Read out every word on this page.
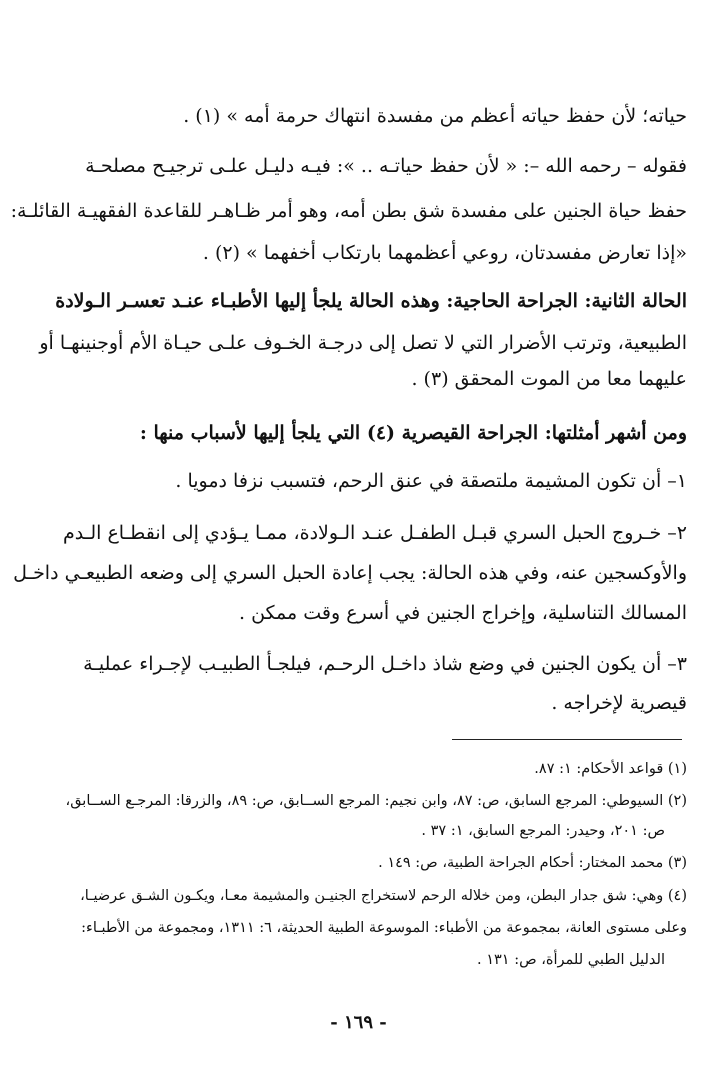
حياته؛ لأن حفظ حياته أعظم من مفسدة انتهاك حرمة أمه » (١) .
فقوله – رحمه الله –: « لأن حفظ حياتـه .. »: فيـه دليـل علـى ترجيـح مصلحـة
حفظ حياة الجنين على مفسدة شق بطن أمه، وهو أمر ظـاهـر للقاعدة الفقهيـة القائلـة:
«إذا تعارض مفسدتان، روعي أعظمهما بارتكاب أخفهما » (٢) .
الحالة الثانية: الجراحة الحاجية: وهذه الحالة يلجأ إليها الأطبـاء عنـد تعسـر الـولادة
الطبيعية، وترتب الأضرار التي لا تصل إلى درجـة الخـوف علـى حيـاة الأم أوجنينهـا أو
عليهما معا من الموت المحقق (٣) .
ومن أشهر أمثلتها: الجراحة القيصرية (٤) التي يلجأ إليها لأسباب منها :
١– أن تكون المشيمة ملتصقة في عنق الرحم، فتسبب نزفا دمويا .
٢– خـروج الحبل السري قبـل الطفـل عنـد الـولادة، ممـا يـؤدي إلى انقطـاع الـدم
والأوكسجين عنه، وفي هذه الحالة: يجب إعادة الحبل السري إلى وضعه الطبيعـي داخـل
المسالك التناسلية، وإخراج الجنين في أسرع وقت ممكن .
٣– أن يكون الجنين في وضع شاذ داخـل الرحـم، فيلجـأ الطبيـب لإجـراء عمليـة
قيصرية لإخراجه .
(١) قواعد الأحكام: ١: ٨٧.
(٢) السيوطي: المرجع السابق، ص: ٨٧، وابن نجيم: المرجع الســابق، ص: ٨٩، والزرقا: المرجـع الســابق،
ص: ٢٠١، وحيدر: المرجع السابق، ١: ٣٧ .
(٣) محمد المختار: أحكام الجراحة الطبية، ص: ١٤٩ .
(٤) وهي: شق جدار البطن، ومن خلاله الرحم لاستخراج الجنيـن والمشيمة معـا، ويكـون الشـق عرضيـا،
وعلى مستوى العانة، بمجموعة من الأطباء: الموسوعة الطبية الحديثة، ٦: ١٣١١، ومجموعة من الأطبـاء:
الدليل الطبي للمرأة، ص: ١٣١ .
- ١٦٩ -
